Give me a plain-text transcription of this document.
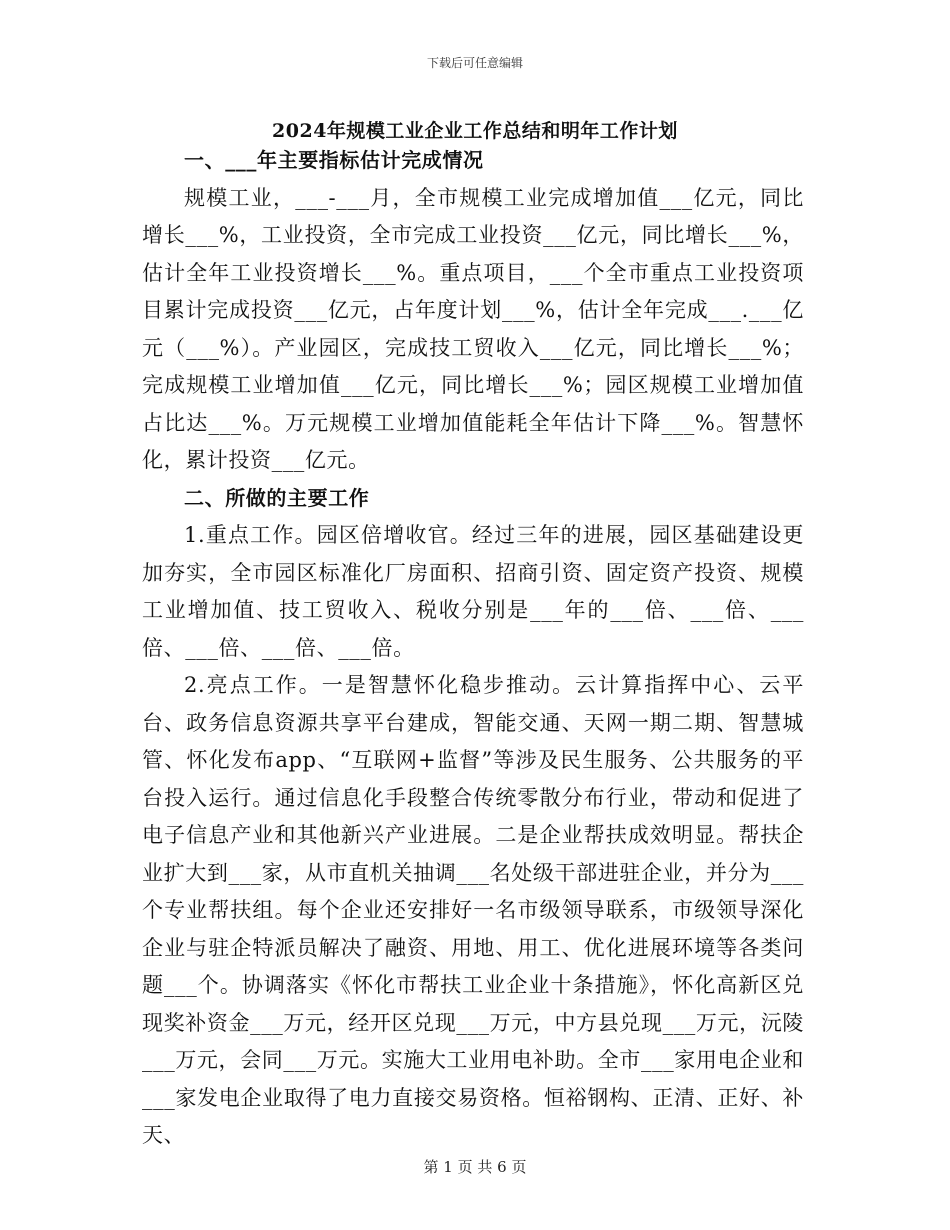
下载后可任意编辑
2024年规模工业企业工作总结和明年工作计划

一、___年主要指标估计完成情况

规模工业，___-___月，全市规模工业完成增加值___亿元，同比增长___%，工业投资，全市完成工业投资___亿元，同比增长___%，估计全年工业投资增长___%。重点项目，___个全市重点工业投资项目累计完成投资___亿元，占年度计划___%，估计全年完成___.___亿元（___%）。产业园区，完成技工贸收入___亿元，同比增长___%；完成规模工业增加值___亿元，同比增长___%；园区规模工业增加值占比达___%。万元规模工业增加值能耗全年估计下降___%。智慧怀化，累计投资___亿元。

二、所做的主要工作

1.重点工作。园区倍增收官。经过三年的进展，园区基础建设更加夯实，全市园区标准化厂房面积、招商引资、固定资产投资、规模工业增加值、技工贸收入、税收分别是___年的___倍、___倍、___倍、___倍、___倍、___倍。

2.亮点工作。一是智慧怀化稳步推动。云计算指挥中心、云平台、政务信息资源共享平台建成，智能交通、天网一期二期、智慧城管、怀化发布app、“互联网+监督”等涉及民生服务、公共服务的平台投入运行。通过信息化手段整合传统零散分布行业，带动和促进了电子信息产业和其他新兴产业进展。二是企业帮扶成效明显。帮扶企业扩大到___家，从市直机关抽调___名处级干部进驻企业，并分为___个专业帮扶组。每个企业还安排好一名市级领导联系，市级领导深化企业与驻企特派员解决了融资、用地、用工、优化进展环境等各类问题___个。协调落实《怀化市帮扶工业企业十条措施》，怀化高新区兑现奖补资金___万元，经开区兑现___万元，中方县兑现___万元，沅陵___万元，会同___万元。实施大工业用电补助。全市___家用电企业和___家发电企业取得了电力直接交易资格。恒裕钢构、正清、正好、补天、

第 1 页 共 6 页
